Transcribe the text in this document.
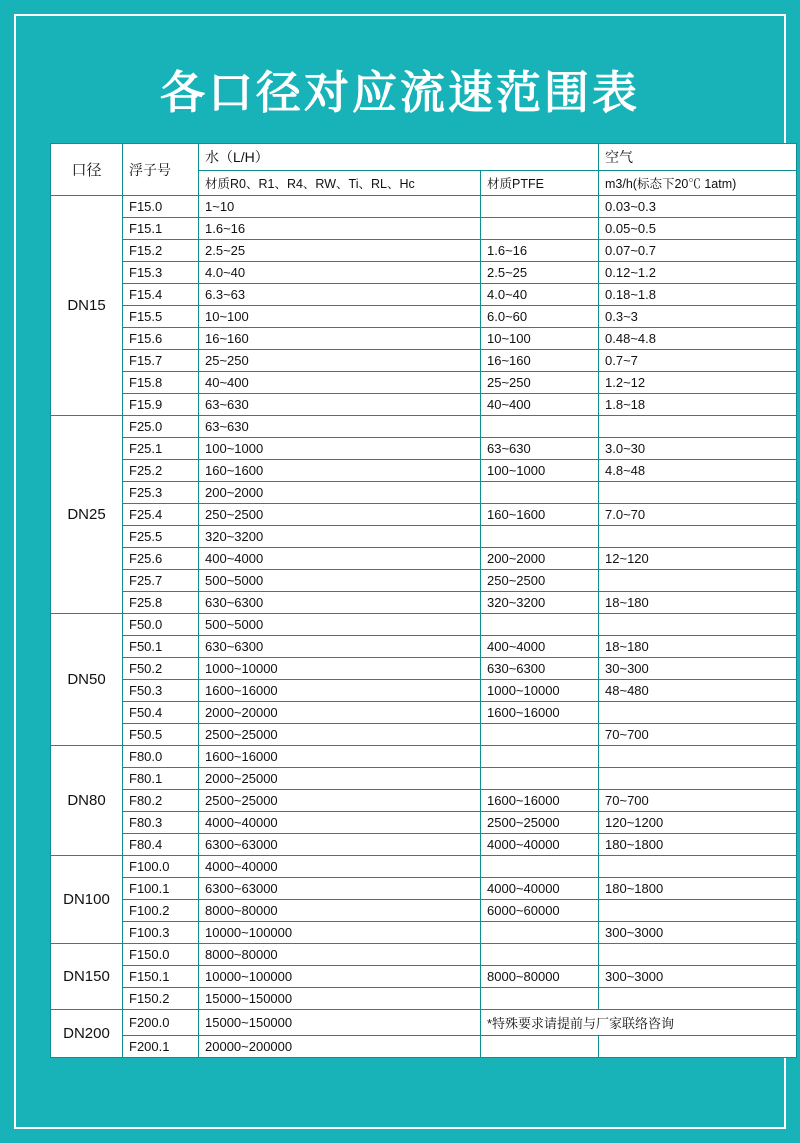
各口径对应流速范围表
口径	浮子号	水（L/H）		空气
		材质R0、R1、R4、RW、Ti、RL、Hc	材质PTFE	m3/h(标态下20℃ 1atm)
DN15	F15.0	1~10		0.03~0.3
	F15.1	1.6~16		0.05~0.5
	F15.2	2.5~25	1.6~16	0.07~0.7
	F15.3	4.0~40	2.5~25	0.12~1.2
	F15.4	6.3~63	4.0~40	0.18~1.8
	F15.5	10~100	6.0~60	0.3~3
	F15.6	16~160	10~100	0.48~4.8
	F15.7	25~250	16~160	0.7~7
	F15.8	40~400	25~250	1.2~12
	F15.9	63~630	40~400	1.8~18
DN25	F25.0	63~630		
	F25.1	100~1000	63~630	3.0~30
	F25.2	160~1600	100~1000	4.8~48
	F25.3	200~2000		
	F25.4	250~2500	160~1600	7.0~70
	F25.5	320~3200		
	F25.6	400~4000	200~2000	12~120
	F25.7	500~5000	250~2500	
	F25.8	630~6300	320~3200	18~180
DN50	F50.0	500~5000		
	F50.1	630~6300	400~4000	18~180
	F50.2	1000~10000	630~6300	30~300
	F50.3	1600~16000	1000~10000	48~480
	F50.4	2000~20000	1600~16000	
	F50.5	2500~25000		70~700
DN80	F80.0	1600~16000		
	F80.1	2000~25000		
	F80.2	2500~25000	1600~16000	70~700
	F80.3	4000~40000	2500~25000	120~1200
	F80.4	6300~63000	4000~40000	180~1800
DN100	F100.0	4000~40000		
	F100.1	6300~63000	4000~40000	180~1800
	F100.2	8000~80000	6000~60000	
	F100.3	10000~100000		300~3000
DN150	F150.0	8000~80000		
	F150.1	10000~100000	8000~80000	300~3000
	F150.2	15000~150000		
DN200	F200.0	15000~150000	*特殊要求请提前与厂家联络咨询	
	F200.1	20000~200000		
